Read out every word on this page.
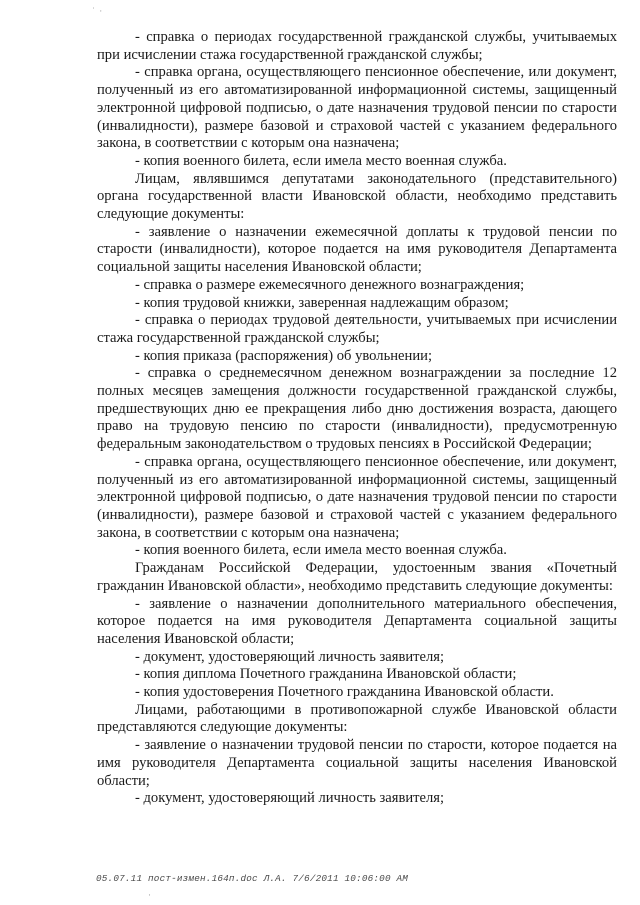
˙ ·

- справка о периодах государственной гражданской службы, учитываемых при исчислении стажа государственной гражданской службы;

- справка органа, осуществляющего пенсионное обеспечение, или документ, полученный из его автоматизированной информационной системы, защищенный электронной цифровой подписью, о дате назначения трудовой пенсии по старости (инвалидности), размере базовой и страховой частей с указанием федерального закона, в соответствии с которым она назначена;

- копия военного билета, если имела место военная служба.

Лицам, являвшимся депутатами законодательного (представительного) органа государственной власти Ивановской области, необходимо представить следующие документы:

- заявление о назначении ежемесячной доплаты к трудовой пенсии по старости (инвалидности), которое подается на имя руководителя Департамента социальной защиты населения Ивановской области;

- справка о размере ежемесячного денежного вознаграждения;

- копия трудовой книжки, заверенная надлежащим образом;

- справка о периодах трудовой деятельности, учитываемых при исчислении стажа государственной гражданской службы;

- копия приказа (распоряжения) об увольнении;

- справка о среднемесячном денежном вознаграждении за последние 12 полных месяцев замещения должности государственной гражданской службы, предшествующих дню ее прекращения либо дню достижения возраста, дающего право на трудовую пенсию по старости (инвалидности), предусмотренную федеральным законодательством о трудовых пенсиях в Российской Федерации;

- справка органа, осуществляющего пенсионное обеспечение, или документ, полученный из его автоматизированной информационной системы, защищенный электронной цифровой подписью, о дате назначения трудовой пенсии по старости (инвалидности), размере базовой и страховой частей с указанием федерального закона, в соответствии с которым она назначена;

- копия военного билета, если имела место военная служба.

Гражданам Российской Федерации, удостоенным звания «Почетный гражданин Ивановской области», необходимо представить следующие документы:

- заявление о назначении дополнительного материального обеспечения, которое подается на имя руководителя Департамента социальной защиты населения Ивановской области;

- документ, удостоверяющий личность заявителя;

- копия диплома Почетного гражданина Ивановской области;

- копия удостоверения Почетного гражданина Ивановской области.

Лицами, работающими в противопожарной службе Ивановской области представляются следующие документы:

- заявление о назначении трудовой пенсии по старости, которое подается на имя руководителя Департамента социальной защиты населения Ивановской области;

- документ, удостоверяющий личность заявителя;

05.07.11 пост-измен.164п.doc Л.А. 7/6/2011 10:06:00 AM
·
